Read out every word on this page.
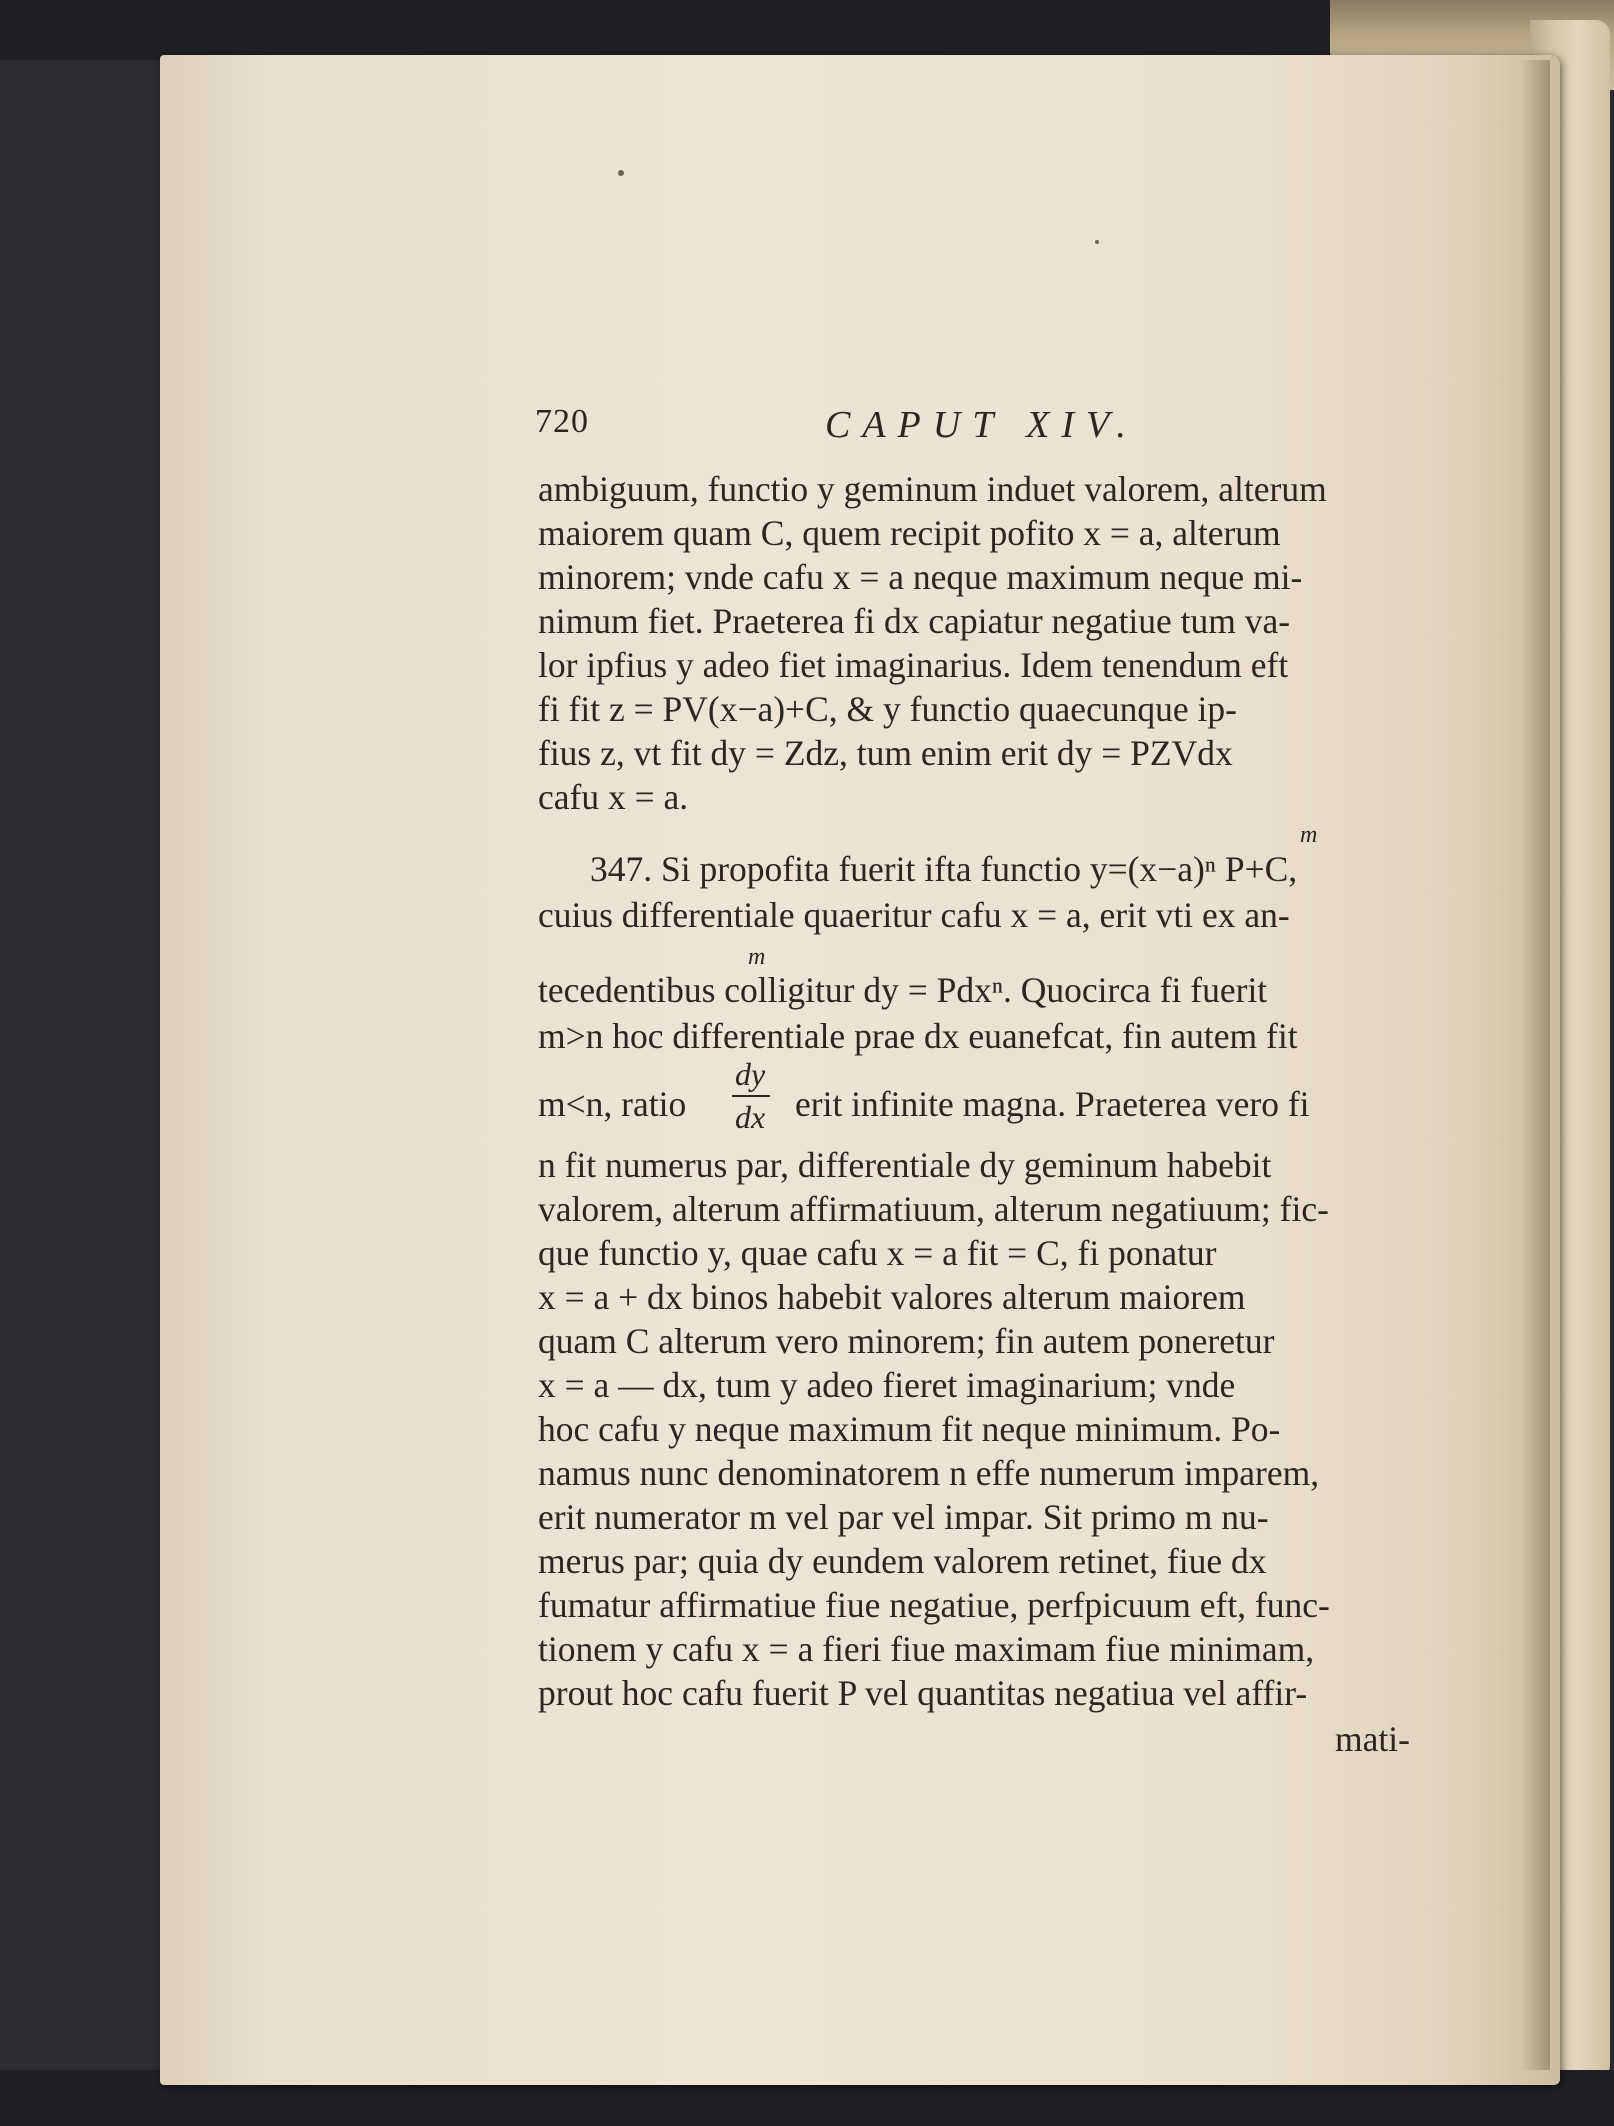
720	CAPUT XIV.
ambiguum, functio y geminum induet valorem, alterum
maiorem quam C, quem recipit pofito x = a, alterum
minorem; vnde cafu x = a neque maximum neque mi-
nimum fiet. Praeterea fi dx capiatur negatiue tum va-
lor ipfius y adeo fiet imaginarius. Idem tenendum eft
fi fit z = PV(x−a)+C, & y functio quaecunque ip-
fius z, vt fit dy = Zdz, tum enim erit dy = PZVdx
cafu x = a.
m
347. Si propofita fuerit ifta functio y=(x−a)ⁿ P+C,
cuius differentiale quaeritur cafu x = a, erit vti ex an-
m
tecedentibus colligitur dy = Pdxⁿ. Quocirca fi fuerit
m>n hoc differentiale prae dx euanefcat, fin autem fit
m<n, ratio
dy
dx erit infinite magna. Praeterea vero fi
n fit numerus par, differentiale dy geminum habebit
valorem, alterum affirmatiuum, alterum negatiuum; fic-
que functio y, quae cafu x = a fit = C, fi ponatur
x = a + dx binos habebit valores alterum maiorem
quam C alterum vero minorem; fin autem poneretur
x = a — dx, tum y adeo fieret imaginarium; vnde
hoc cafu y neque maximum fit neque minimum. Po-
namus nunc denominatorem n effe numerum imparem,
erit numerator m vel par vel impar. Sit primo m nu-
merus par; quia dy eundem valorem retinet, fiue dx
fumatur affirmatiue fiue negatiue, perfpicuum eft, func-
tionem y cafu x = a fieri fiue maximam fiue minimam,
prout hoc cafu fuerit P vel quantitas negatiua vel affir-
mati-
